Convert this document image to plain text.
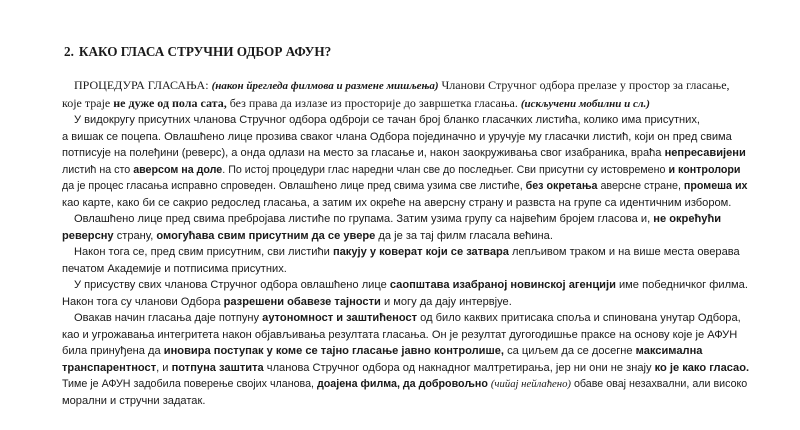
2. КАКО ГЛАСА СТРУЧНИ ОДБОР АФУН?
ПРОЦЕДУРА ГЛАСАЊА: (након йрегледа филмова и размене мишљења) Чланови Стручног одбора прелазе у простор за гласање,
које траје не дуже од пола сата, без права да излазе из просторије до завршетка гласања. (искључени мобилни и сл.)
У видокругу присутних чланова Стручног одбора одброји се тачан број бланко гласачких листића, колико има присутних,
а вишак се поцепа. Овлашћено лице прозива сваког члана Одбора појединачно и уручује му гласачки листић, који он пред свима
потписује на полеђини (реверс), а онда одлази на место за гласање и, након заокруживања свог изабраника, враћа непресавијени
листић на сто аверсом на доле. По истој процедури глас наредни члан све до последњег. Сви присутни су истовремено и контролори
да је процес гласања исправно спроведен. Овлашћено лице пред свима узима све листиће, без окретања аверсне стране, промеша их
као карте, како би се сакрио редослед гласања, а затим их окреће на аверсну страну и развста на групе са идентичним избором.
Овлашћено лице пред свима пребројава листиће по групама. Затим узима групу са највећим бројем гласова и, не окрећући
реверсну страну, омогућава свим присутним да се увере да је за тај филм гласала већина.
Након тога се, пред свим присутним, сви листићи пакују у коверат који се затвара лепљивом траком и на више места оверава
печатом Академије и потписима присутних.
У присуству свих чланова Стручног одбора овлашћено лице саопштава изабраној новинској агенцији име победничког филма.
Након тога су чланови Одбора разрешени обавезе тајности и могу да дају интервјуе.
Овакав начин гласања даје потпуну аутономност и заштићеност од било каквих притисака споља и спинована унутар Одбора,
као и угрожавања интегритета након објављивања резултата гласања. Он је резултат дугогодишње праксе на основу које је АФУН
била принуђена да иновира поступак у коме се тајно гласање јавно контролише, са циљем да се досегне максимална
транспарентност, и потпуна заштита чланова Стручног одбора од накнадног малтретирања, јер ни они не знају ко је како гласао.
Тиме је АФУН задобила поверење својих чланова, доајена филма, да добровољно (чийај нейлаћено) обаве овај незахвални, али високо
морални и стручни задатак.
